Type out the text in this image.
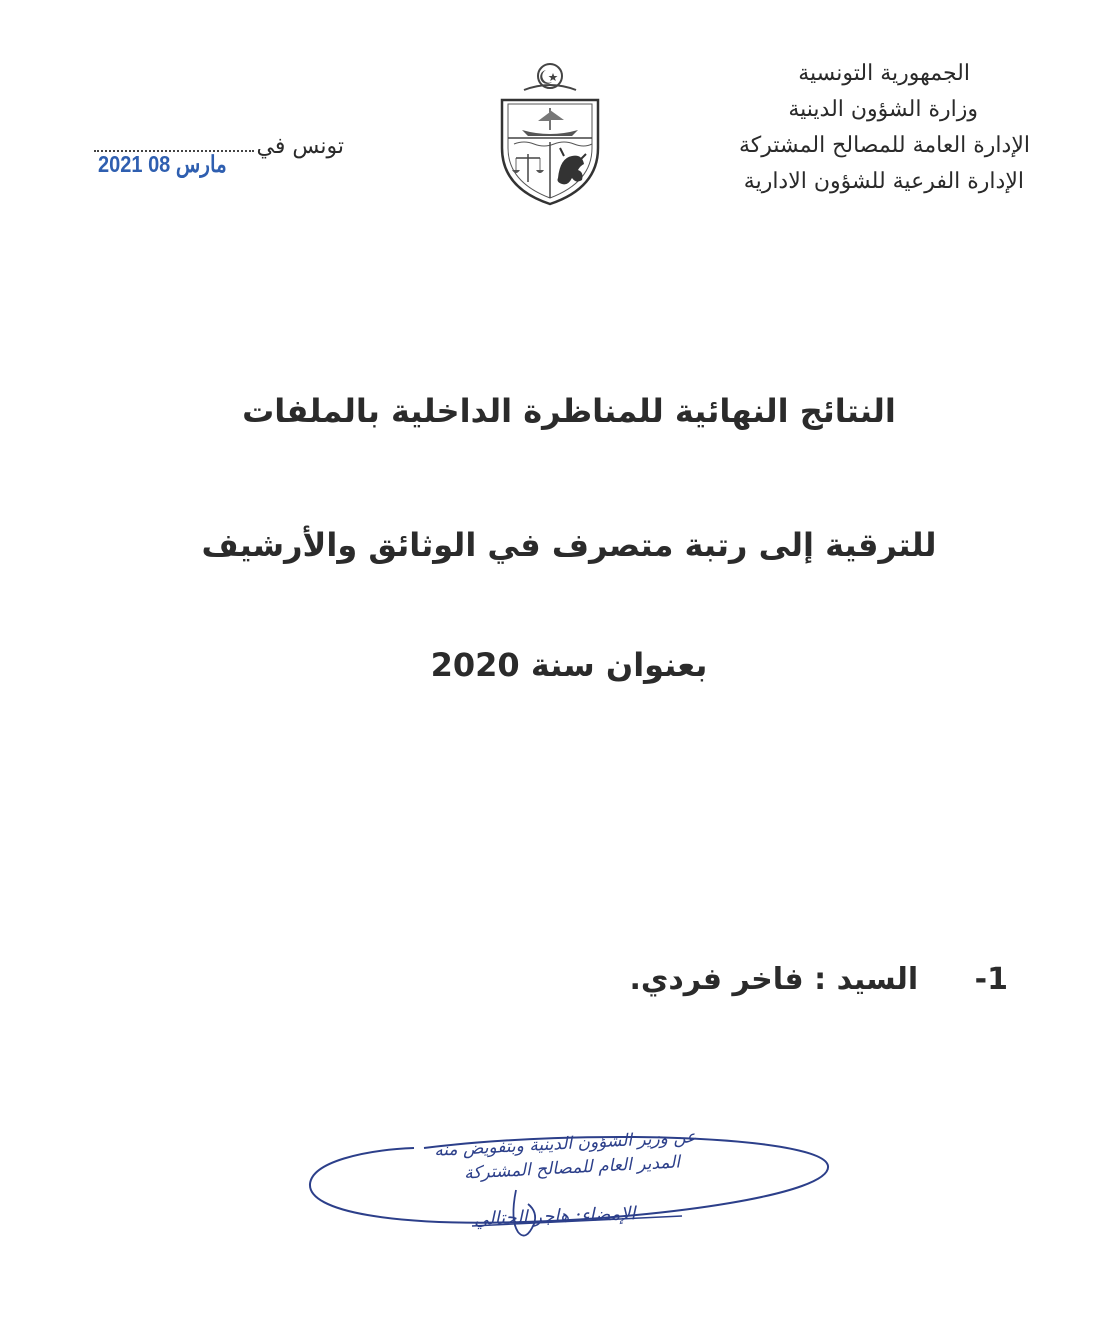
الجمهورية التونسية
وزارة الشؤون الدينية
الإدارة العامة للمصالح المشتركة
الإدارة الفرعية للشؤون الادارية
تونس في
2021 مارس 08
النتائج النهائية للمناظرة الداخلية بالملفات
للترقية إلى رتبة متصرف في الوثائق والأرشيف
بعنوان سنة 2020
1- السيد : فاخر فردي.
عن وزير الشؤون الدينية وبتفويض منه
المدير العام للمصالح المشتركة
الإمضاء: هاجر الحتالي
